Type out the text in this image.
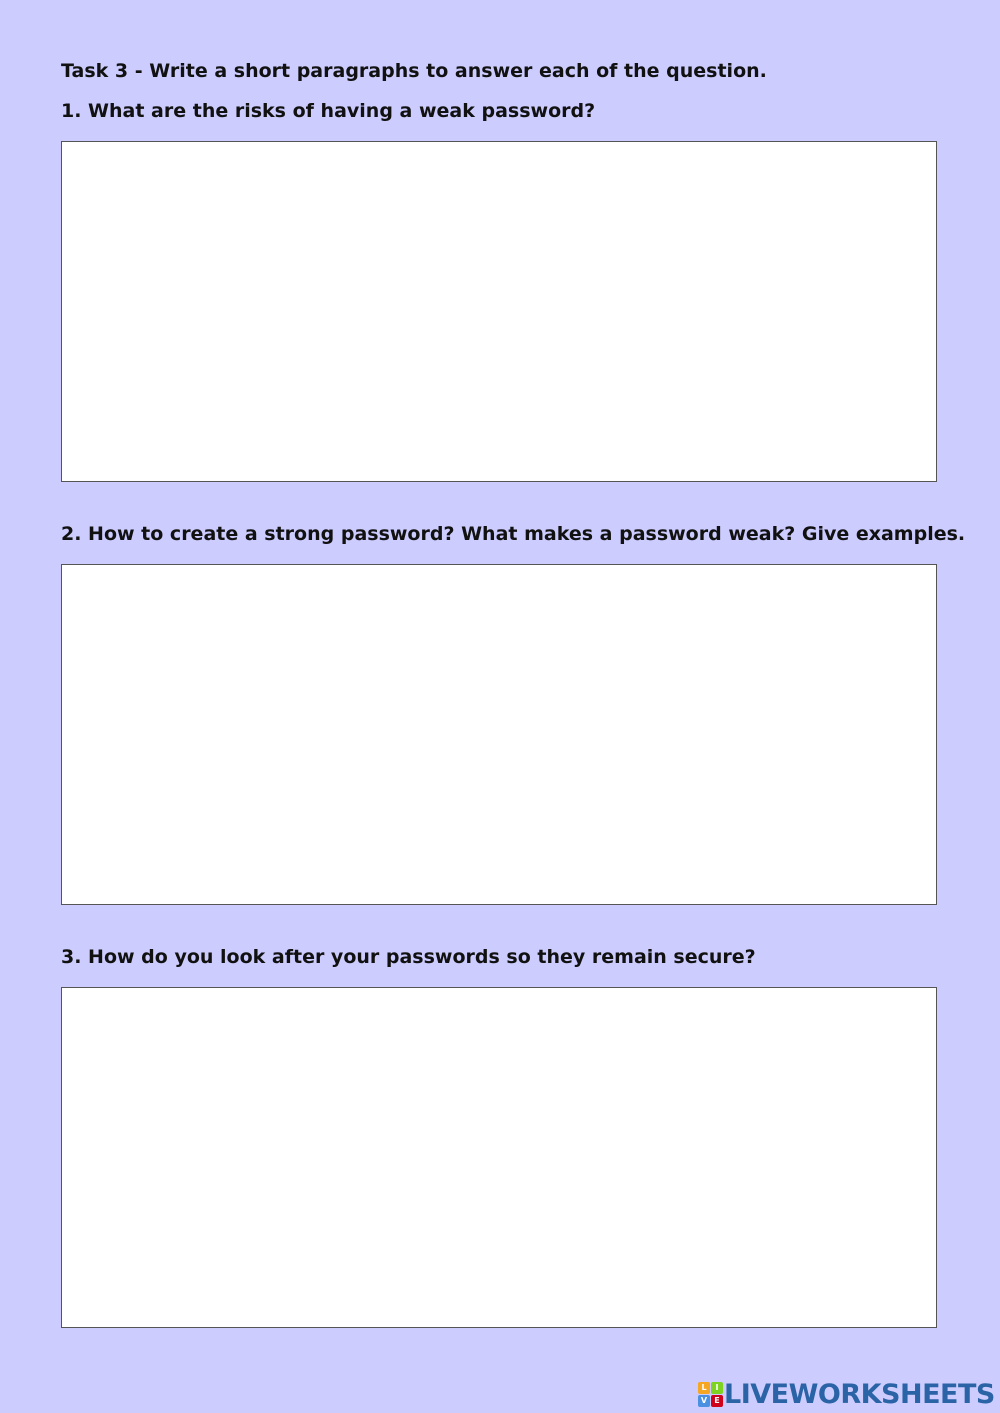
Task 3 - Write a short paragraphs to answer each of the question.
1. What are the risks of having a weak password?
2. How to create a strong password? What makes a password weak? Give examples.
3. How do you look after your passwords so they remain secure?
L	I
V E LIVEWORKSHEETS
